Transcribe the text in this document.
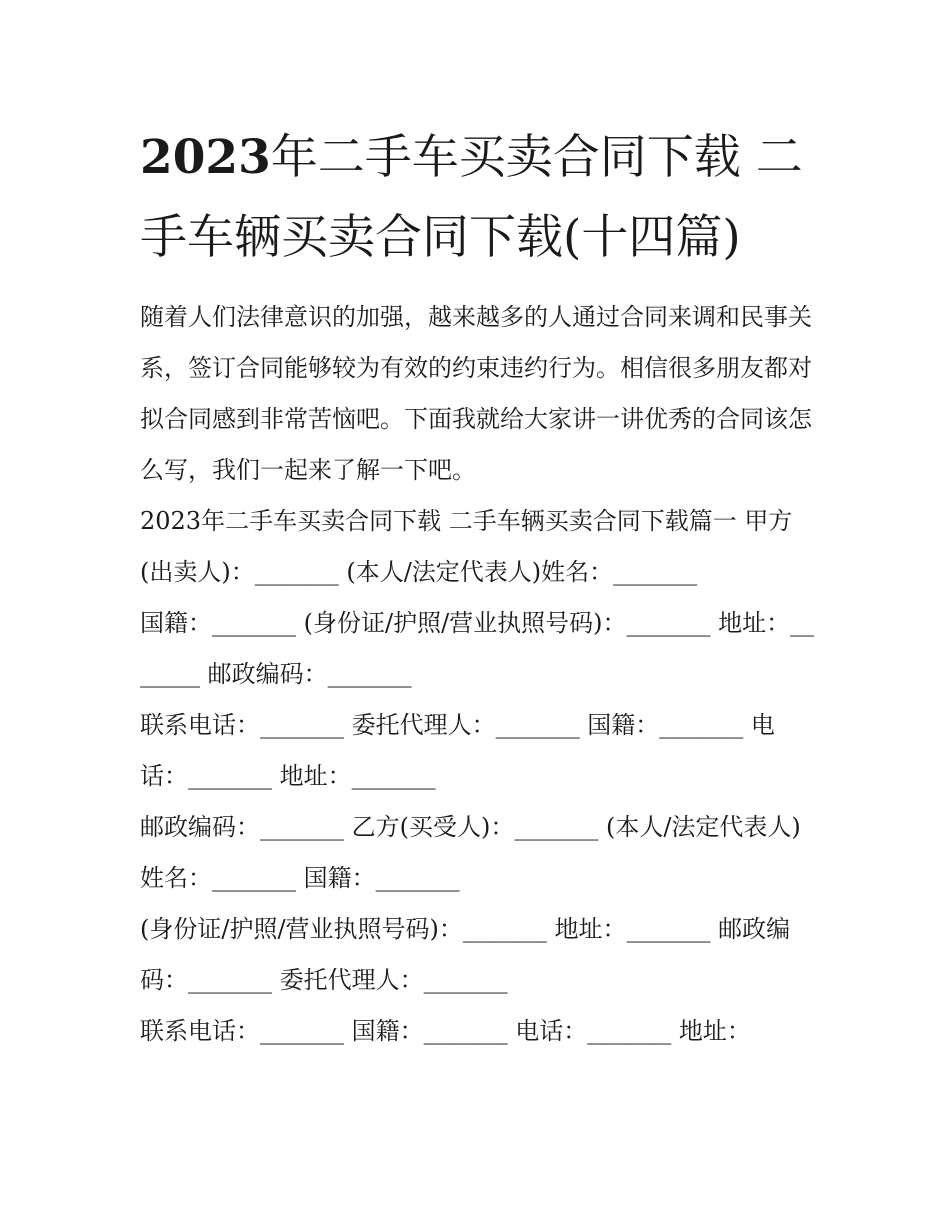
2023年二手车买卖合同下载 二手车辆买卖合同下载(十四篇)

随着人们法律意识的加强，越来越多的人通过合同来调和民事关系，签订合同能够较为有效的约束违约行为。相信很多朋友都对拟合同感到非常苦恼吧。下面我就给大家讲一讲优秀的合同该怎么写，我们一起来了解一下吧。

2023年二手车买卖合同下载 二手车辆买卖合同下载篇一 甲方(出卖人)：_______ (本人/法定代表人)姓名：_______

国籍：_______ (身份证/护照/营业执照号码)：_______ 地址：_______ 邮政编码：_______

联系电话：_______ 委托代理人：_______ 国籍：_______ 电话：_______ 地址：_______

邮政编码：_______ 乙方(买受人)：_______ (本人/法定代表人)姓名：_______ 国籍：_______

(身份证/护照/营业执照号码)：_______ 地址：_______ 邮政编码：_______ 委托代理人：_______

联系电话：_______ 国籍：_______ 电话：_______ 地址：
